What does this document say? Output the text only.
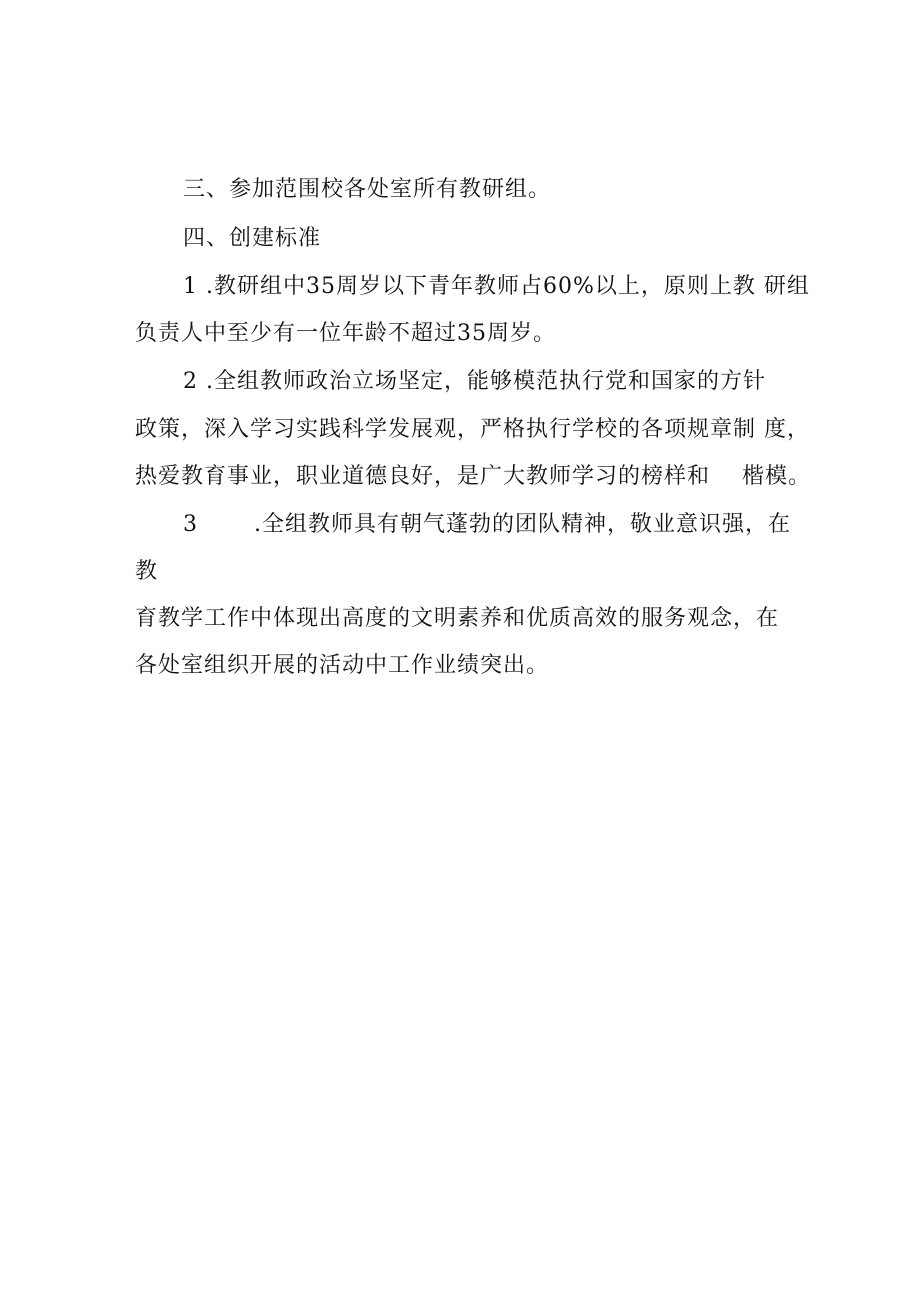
三、参加范围校各处室所有教研组。
四、创建标准
1 .教研组中35周岁以下青年教师占60%以上，原则上教 研组
负责人中至少有一位年龄不超过35周岁。
2 .全组教师政治立场坚定，能够模范执行党和国家的方针
政策，深入学习实践科学发展观，严格执行学校的各项规章制 度，
热爱教育事业，职业道德良好，是广大教师学习的榜样和    楷模。
3       .全组教师具有朝气蓬勃的团队精神，敬业意识强，在
教
育教学工作中体现出高度的文明素养和优质高效的服务观念，在
各处室组织开展的活动中工作业绩突出。
